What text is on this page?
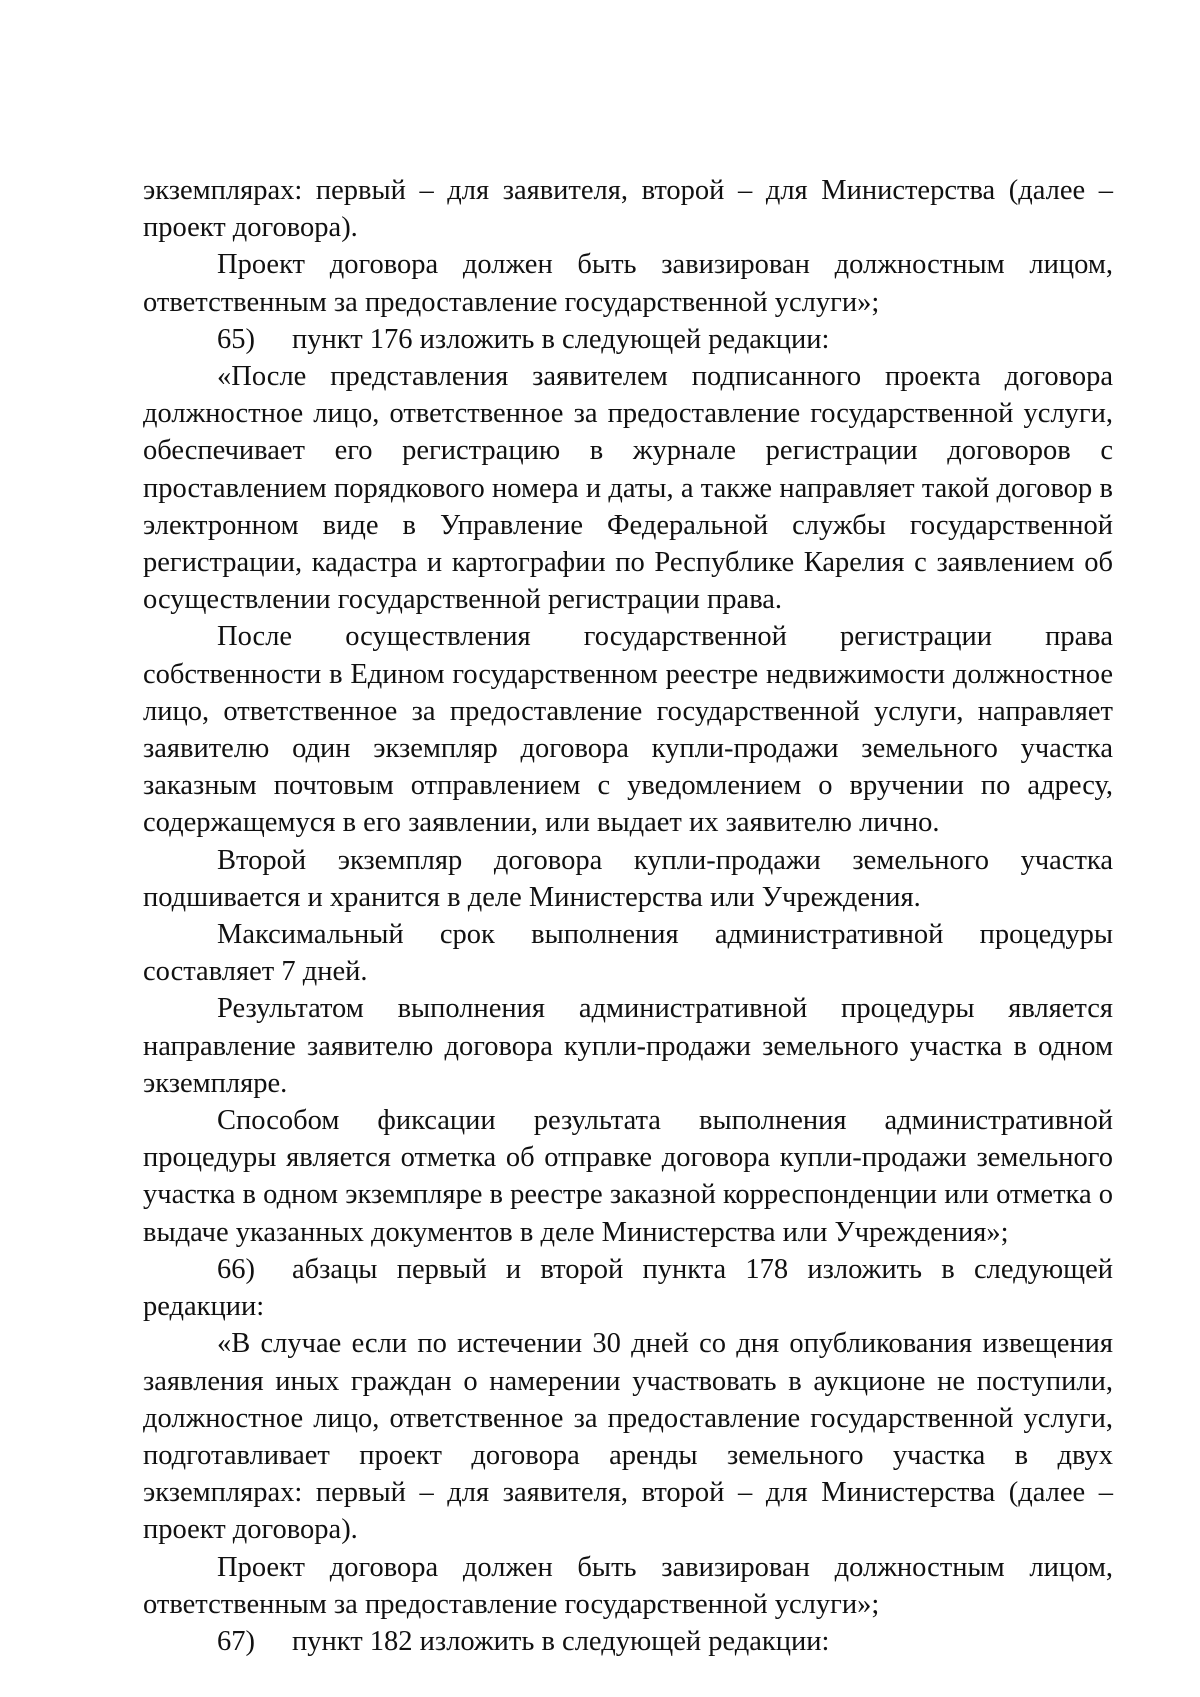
экземплярах: первый – для заявителя, второй – для Министерства (далее – проект договора).

Проект договора должен быть завизирован должностным лицом, ответственным за предоставление государственной услуги»;

65) пункт 176 изложить в следующей редакции:

«После представления заявителем подписанного проекта договора должностное лицо, ответственное за предоставление государственной услуги, обеспечивает его регистрацию в журнале регистрации договоров с проставлением порядкового номера и даты, а также направляет такой договор в электронном виде в Управление Федеральной службы государственной регистрации, кадастра и картографии по Республике Карелия с заявлением об осуществлении государственной регистрации права.

После осуществления государственной регистрации права собственности в Едином государственном реестре недвижимости должностное лицо, ответственное за предоставление государственной услуги, направляет заявителю один экземпляр договора купли-продажи земельного участка заказным почтовым отправлением с уведомлением о вручении по адресу, содержащемуся в его заявлении, или выдает их заявителю лично.

Второй экземпляр договора купли-продажи земельного участка подшивается и хранится в деле Министерства или Учреждения.

Максимальный срок выполнения административной процедуры составляет 7 дней.

Результатом выполнения административной процедуры является направление заявителю договора купли-продажи земельного участка в одном экземпляре.

Способом фиксации результата выполнения административной процедуры является отметка об отправке договора купли-продажи земельного участка в одном экземпляре в реестре заказной корреспонденции или отметка о выдаче указанных документов в деле Министерства или Учреждения»;

66) абзацы первый и второй пункта 178 изложить в следующей редакции:

«В случае если по истечении 30 дней со дня опубликования извещения заявления иных граждан о намерении участвовать в аукционе не поступили, должностное лицо, ответственное за предоставление государственной услуги, подготавливает проект договора аренды земельного участка в двух экземплярах: первый – для заявителя, второй – для Министерства (далее – проект договора).

Проект договора должен быть завизирован должностным лицом, ответственным за предоставление государственной услуги»;

67) пункт 182 изложить в следующей редакции:
